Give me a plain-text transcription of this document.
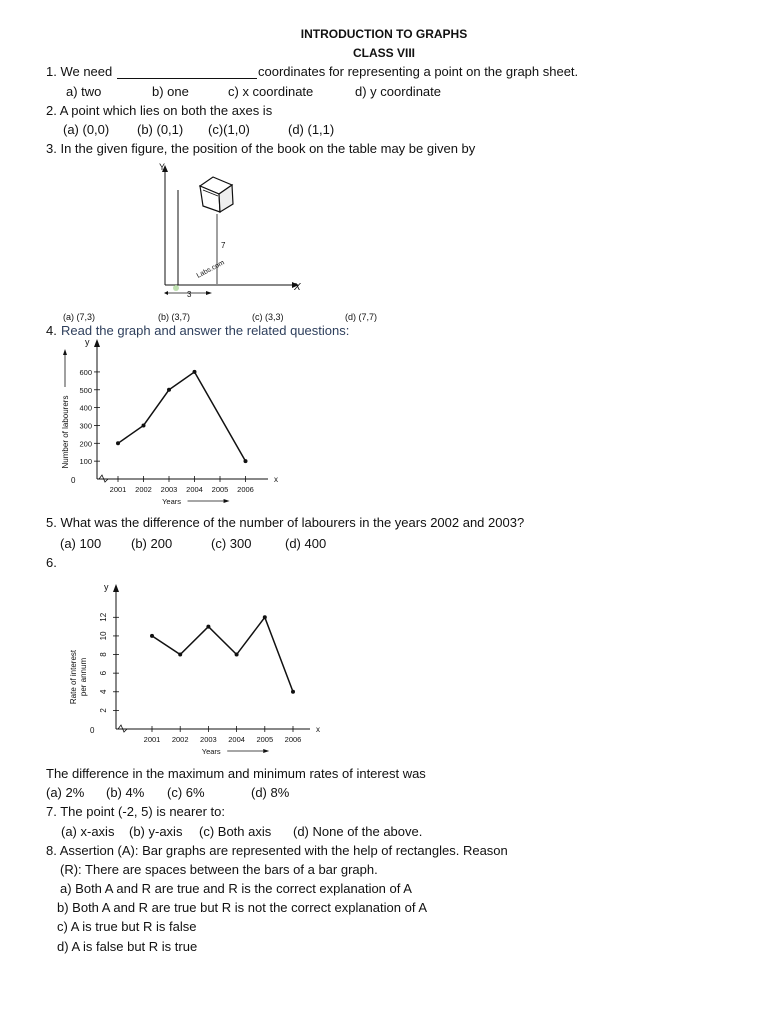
INTRODUCTION TO GRAPHS
CLASS VIII
1. We need	coordinates for representing a point on the graph sheet.
a) two	b) one	c) x coordinate	d) y coordinate
2. A point which lies on both the axes is
(a) (0,0) (b) (0,1) (c)(1,0)	(d) (1,1)
3. In the given figure, the position of the book on the table may be given by
Y
X
7
3
Labs.com
(a) (7,3)	(b) (3,7)	(c) (3,3)	(d) (7,7)
4. Read the graph and answer the related questions:
y
x
0
100
200
300
400
500
600
2001 2002 2003 2004 2005 2006
Years
Number of labourers
5. What was the difference of the number of labourers in the years 2002 and 2003?
(a) 100 (b) 200	(c) 300	(d) 400
6.
y
x
0
2
4
6
8
10
12
2001 2002 2003 2004 2005 2006
Years
Rate of interest per annum
The difference in the maximum and minimum rates of interest was
(a) 2% (b) 4% (c) 6%	(d) 8%
7. The point (-2, 5) is nearer to:
(a) x-axis (b) y-axis (c) Both axis (d) None of the above.
8. Assertion (A): Bar graphs are represented with the help of rectangles. Reason
(R): There are spaces between the bars of a bar graph.
a) Both A and R are true and R is the correct explanation of A
b) Both A and R are true but R is not the correct explanation of A
c) A is true but R is false
d) A is false but R is true
